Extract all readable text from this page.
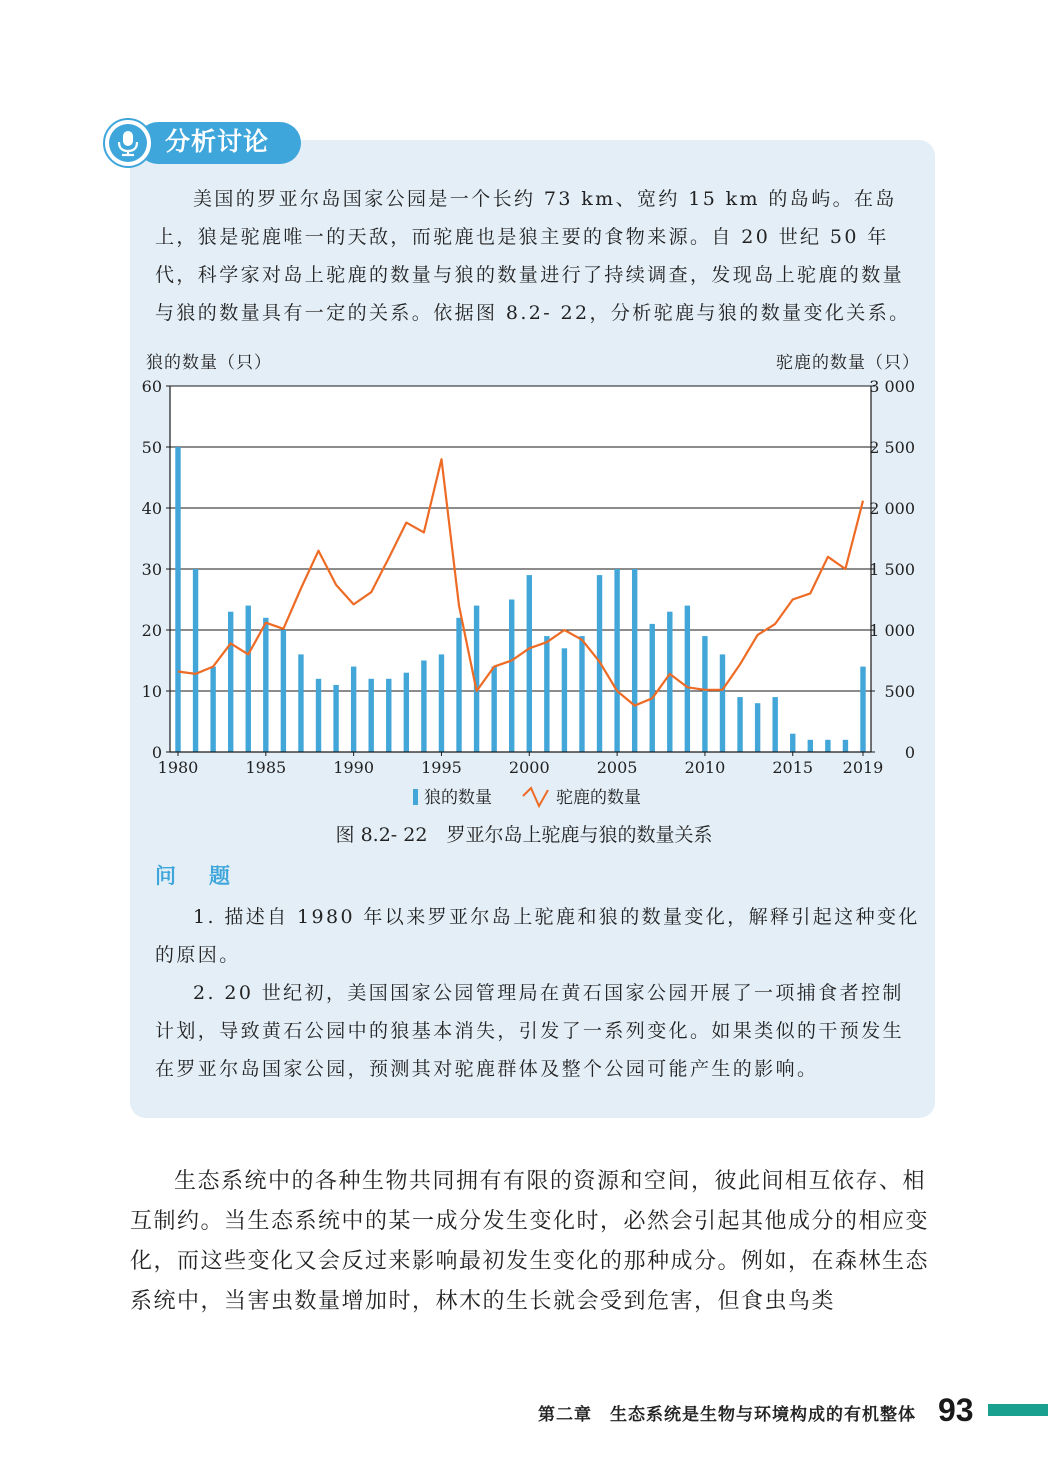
分析讨论
美国的罗亚尔岛国家公园是一个长约 73 km、宽约 15 km 的岛屿。在岛上，狼是驼鹿唯一的天敌，而驼鹿也是狼主要的食物来源。自 20 世纪 50 年代，科学家对岛上驼鹿的数量与狼的数量进行了持续调查，发现岛上驼鹿的数量与狼的数量具有一定的关系。依据图 8.2- 22，分析驼鹿与狼的数量变化关系。
狼的数量（只）	驼鹿的数量（只）
0
10
20
30
40
50
60
0
500
1 000
1 500
2 000
2 500
3 000
1980	1985	1990	1995	2000	2005	2010	2015 2019
狼的数量	驼鹿的数量
图 8.2- 22　罗亚尔岛上驼鹿与狼的数量关系
问　题
1. 描述自 1980 年以来罗亚尔岛上驼鹿和狼的数量变化，解释引起这种变化的原因。
2. 20 世纪初，美国国家公园管理局在黄石国家公园开展了一项捕食者控制计划，导致黄石公园中的狼基本消失，引发了一系列变化。如果类似的干预发生在罗亚尔岛国家公园，预测其对驼鹿群体及整个公园可能产生的影响。
生态系统中的各种生物共同拥有有限的资源和空间，彼此间相互依存、相互制约。当生态系统中的某一成分发生变化时，必然会引起其他成分的相应变化，而这些变化又会反过来影响最初发生变化的那种成分。例如，在森林生态系统中，当害虫数量增加时，林木的生长就会受到危害，但食虫鸟类
第二章　生态系统是生物与环境构成的有机整体 93
